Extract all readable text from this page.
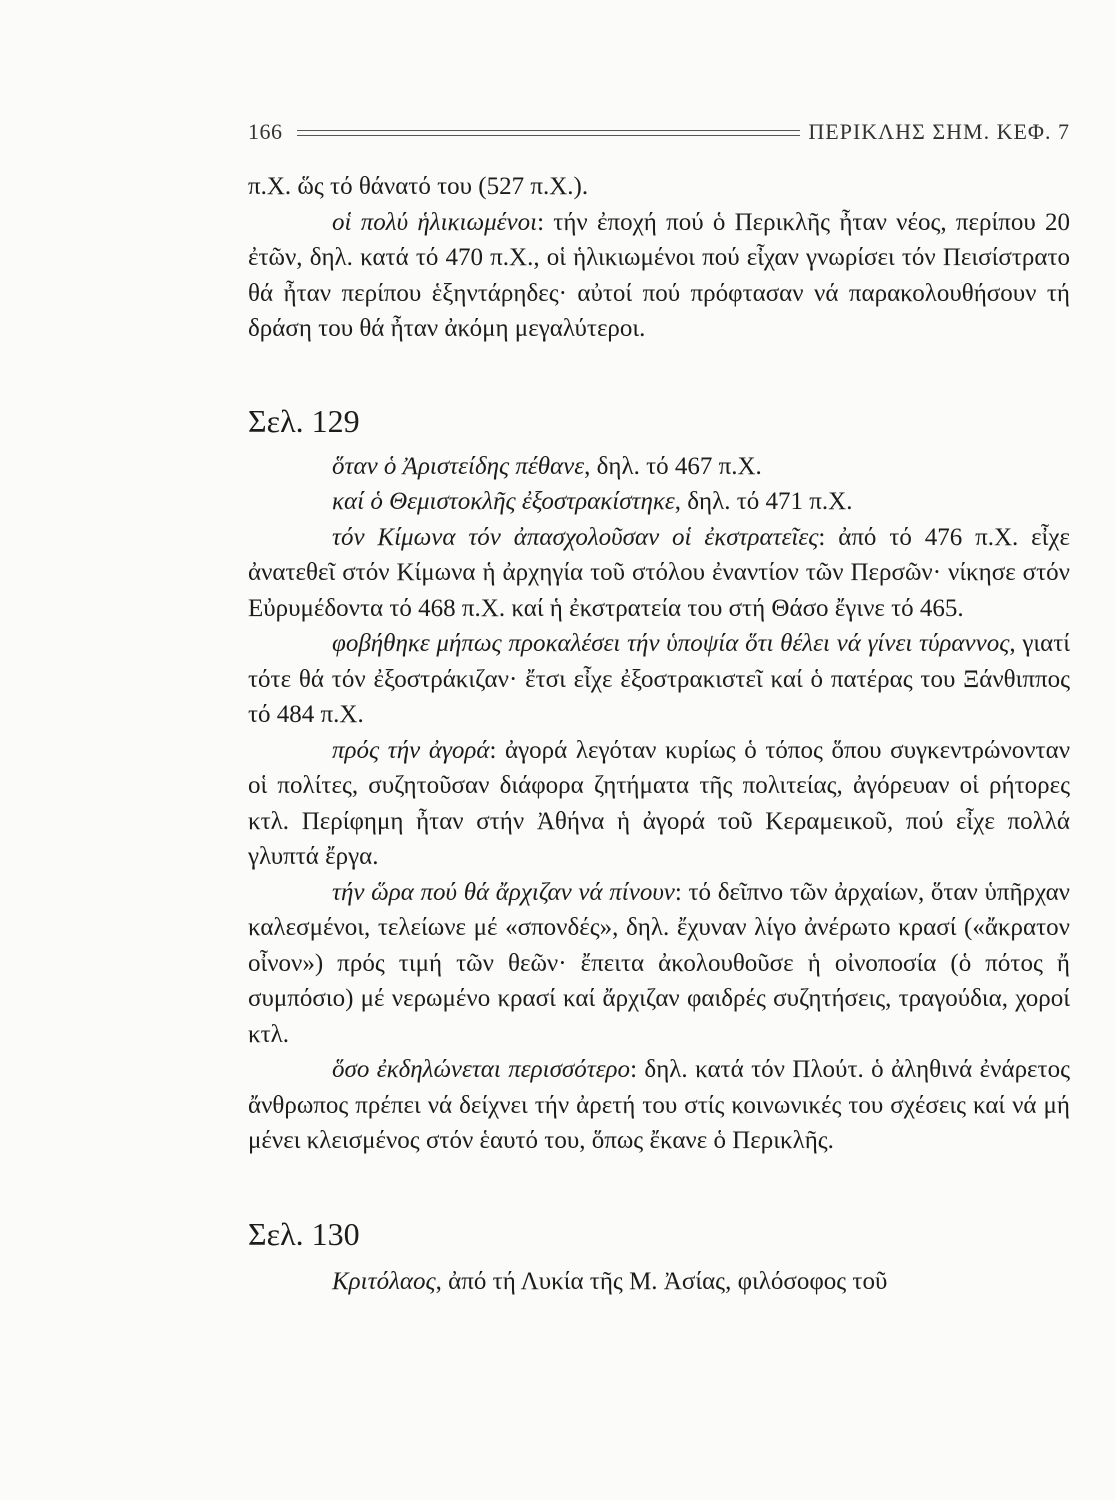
166	ΠΕΡΙΚΛΗΣ ΣΗΜ. ΚΕΦ. 7

π.Χ. ὥς τό θάνατό του (527 π.Χ.).

οἱ πολύ ἡλικιωμένοι: τήν ἐποχή πού ὁ Περικλῆς ἦταν νέος, περίπου 20 ἐτῶν, δηλ. κατά τό 470 π.Χ., οἱ ἡλικιωμένοι πού εἶχαν γνωρίσει τόν Πεισίστρατο θά ἦταν περίπου ἑξηντάρηδες· αὐτοί πού πρόφτασαν νά παρακολουθήσουν τή δράση του θά ἦταν ἀκόμη μεγαλύτεροι.

Σελ. 129

ὅταν ὁ Ἀριστείδης πέθανε, δηλ. τό 467 π.Χ.

καί ὁ Θεμιστοκλῆς ἐξοστρακίστηκε, δηλ. τό 471 π.Χ.

τόν Κίμωνα τόν ἀπασχολοῦσαν οἱ ἐκστρατεῖες: ἀπό τό 476 π.Χ. εἶχε ἀνατεθεῖ στόν Κίμωνα ἡ ἀρχηγία τοῦ στόλου ἐναντίον τῶν Περσῶν· νίκησε στόν Εὐρυμέδοντα τό 468 π.Χ. καί ἡ ἐκστρατεία του στή Θάσο ἔγινε τό 465.

φοβήθηκε μήπως προκαλέσει τήν ὑποψία ὅτι θέλει νά γίνει τύραννος, γιατί τότε θά τόν ἐξοστράκιζαν· ἔτσι εἶχε ἐξοστρακιστεῖ καί ὁ πατέρας του Ξάνθιππος τό 484 π.Χ.

πρός τήν ἀγορά: ἀγορά λεγόταν κυρίως ὁ τόπος ὅπου συγκεντρώνονταν οἱ πολίτες, συζητοῦσαν διάφορα ζητήματα τῆς πολιτείας, ἀγόρευαν οἱ ρήτορες κτλ. Περίφημη ἦταν στήν Ἀθήνα ἡ ἀγορά τοῦ Κεραμεικοῦ, πού εἶχε πολλά γλυπτά ἔργα.

τήν ὥρα πού θά ἄρχιζαν νά πίνουν: τό δεῖπνο τῶν ἀρχαίων, ὅταν ὑπῆρχαν καλεσμένοι, τελείωνε μέ «σπονδές», δηλ. ἔχυναν λίγο ἀνέρωτο κρασί («ἄκρατον οἶνον») πρός τιμή τῶν θεῶν· ἔπειτα ἀκολουθοῦσε ἡ οἰνοποσία (ὁ πότος ἤ συμπόσιο) μέ νερωμένο κρασί καί ἄρχιζαν φαιδρές συζητήσεις, τραγούδια, χοροί κτλ.

ὅσο ἐκδηλώνεται περισσότερο: δηλ. κατά τόν Πλούτ. ὁ ἀληθινά ἐνάρετος ἄνθρωπος πρέπει νά δείχνει τήν ἀρετή του στίς κοινωνικές του σχέσεις καί νά μή μένει κλεισμένος στόν ἑαυτό του, ὅπως ἔκανε ὁ Περικλῆς.

Σελ. 130

Κριτόλαος, ἀπό τή Λυκία τῆς Μ. Ἀσίας, φιλόσοφος τοῦ
